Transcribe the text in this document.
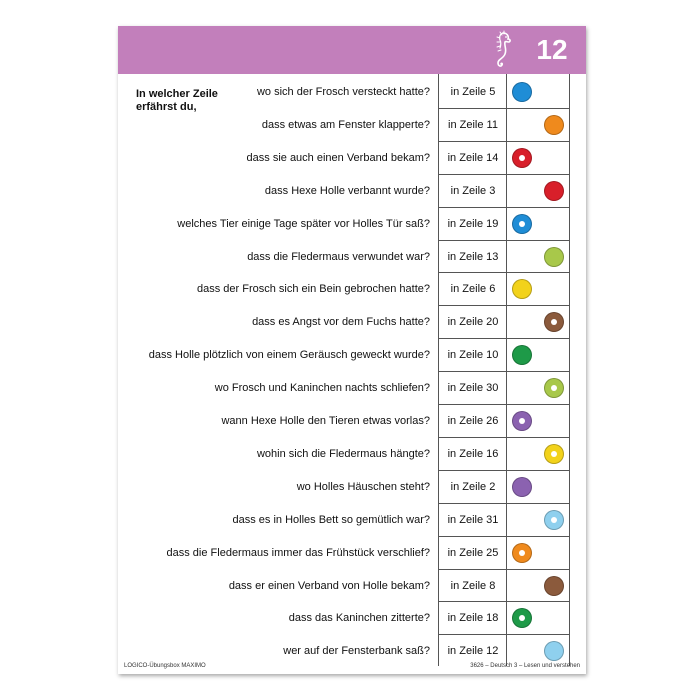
12
In welcher Zeile
erfährst du,
wo sich der Frosch versteckt hatte?	in Zeile 5
dass etwas am Fenster klapperte?	in Zeile 11
dass sie auch einen Verband bekam?	in Zeile 14
dass Hexe Holle verbannt wurde?	in Zeile 3
welches Tier einige Tage später vor Holles Tür saß?	in Zeile 19
dass die Fledermaus verwundet war?	in Zeile 13
dass der Frosch sich ein Bein gebrochen hatte?	in Zeile 6
dass es Angst vor dem Fuchs hatte?	in Zeile 20
dass Holle plötzlich von einem Geräusch geweckt wurde?	in Zeile 10
wo Frosch und Kaninchen nachts schliefen?	in Zeile 30
wann Hexe Holle den Tieren etwas vorlas?	in Zeile 26
wohin sich die Fledermaus hängte?	in Zeile 16
wo Holles Häuschen steht?	in Zeile 2
dass es in Holles Bett so gemütlich war?	in Zeile 31
dass die Fledermaus immer das Frühstück verschlief?	in Zeile 25
dass er einen Verband von Holle bekam?	in Zeile 8
dass das Kaninchen zitterte?	in Zeile 18
wer auf der Fensterbank saß?	in Zeile 12
LOGICO-Übungsbox MAXIMO	3626 – Deutsch 3 – Lesen und verstehen
